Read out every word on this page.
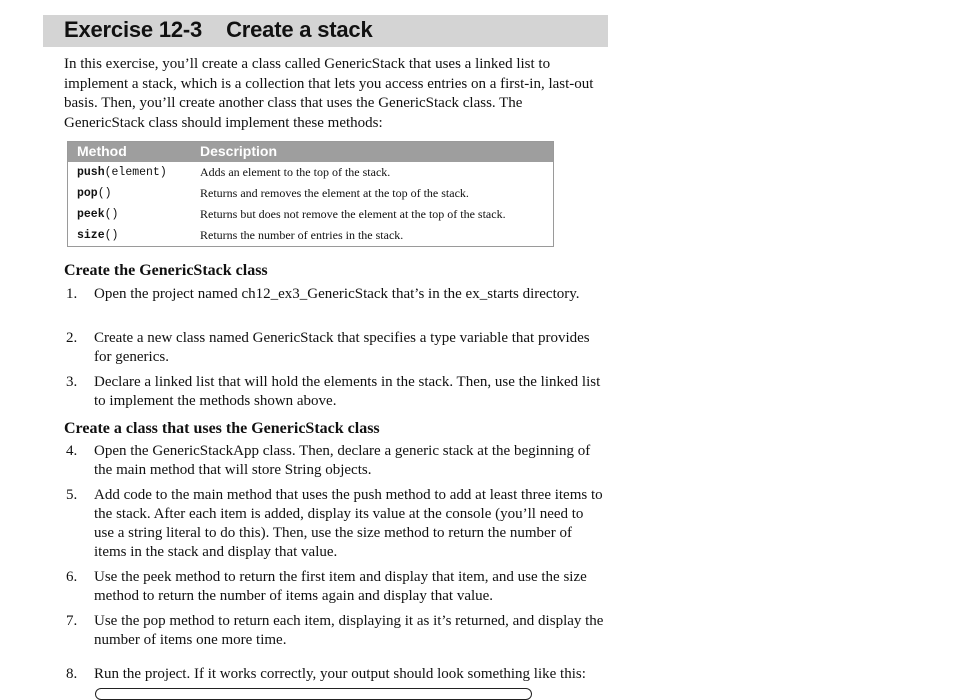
Exercise 12-3 Create a stack

In this exercise, you’ll create a class called GenericStack that uses a linked list to implement a stack, which is a collection that lets you access entries on a first-in, last-out basis. Then, you’ll create another class that uses the GenericStack class. The GenericStack class should implement these methods:

Method	Description
push(element)	Adds an element to the top of the stack.
pop()	Returns and removes the element at the top of the stack.
peek()	Returns but does not remove the element at the top of the stack.
size()	Returns the number of entries in the stack.
Create the GenericStack class
1. Open the project named ch12_ex3_GenericStack that’s in the ex_starts directory.
2. Create a new class named GenericStack that specifies a type variable that provides for generics.
3. Declare a linked list that will hold the elements in the stack. Then, use the linked list to implement the methods shown above.
Create a class that uses the GenericStack class
4. Open the GenericStackApp class. Then, declare a generic stack at the beginning of the main method that will store String objects.
5. Add code to the main method that uses the push method to add at least three items to the stack. After each item is added, display its value at the console (you’ll need to use a string literal to do this). Then, use the size method to return the number of items in the stack and display that value.
6. Use the peek method to return the first item and display that item, and use the size method to return the number of items again and display that value.
7. Use the pop method to return each item, displaying it as it’s returned, and display the number of items one more time.
8. Run the project. If it works correctly, your output should look something like this:
